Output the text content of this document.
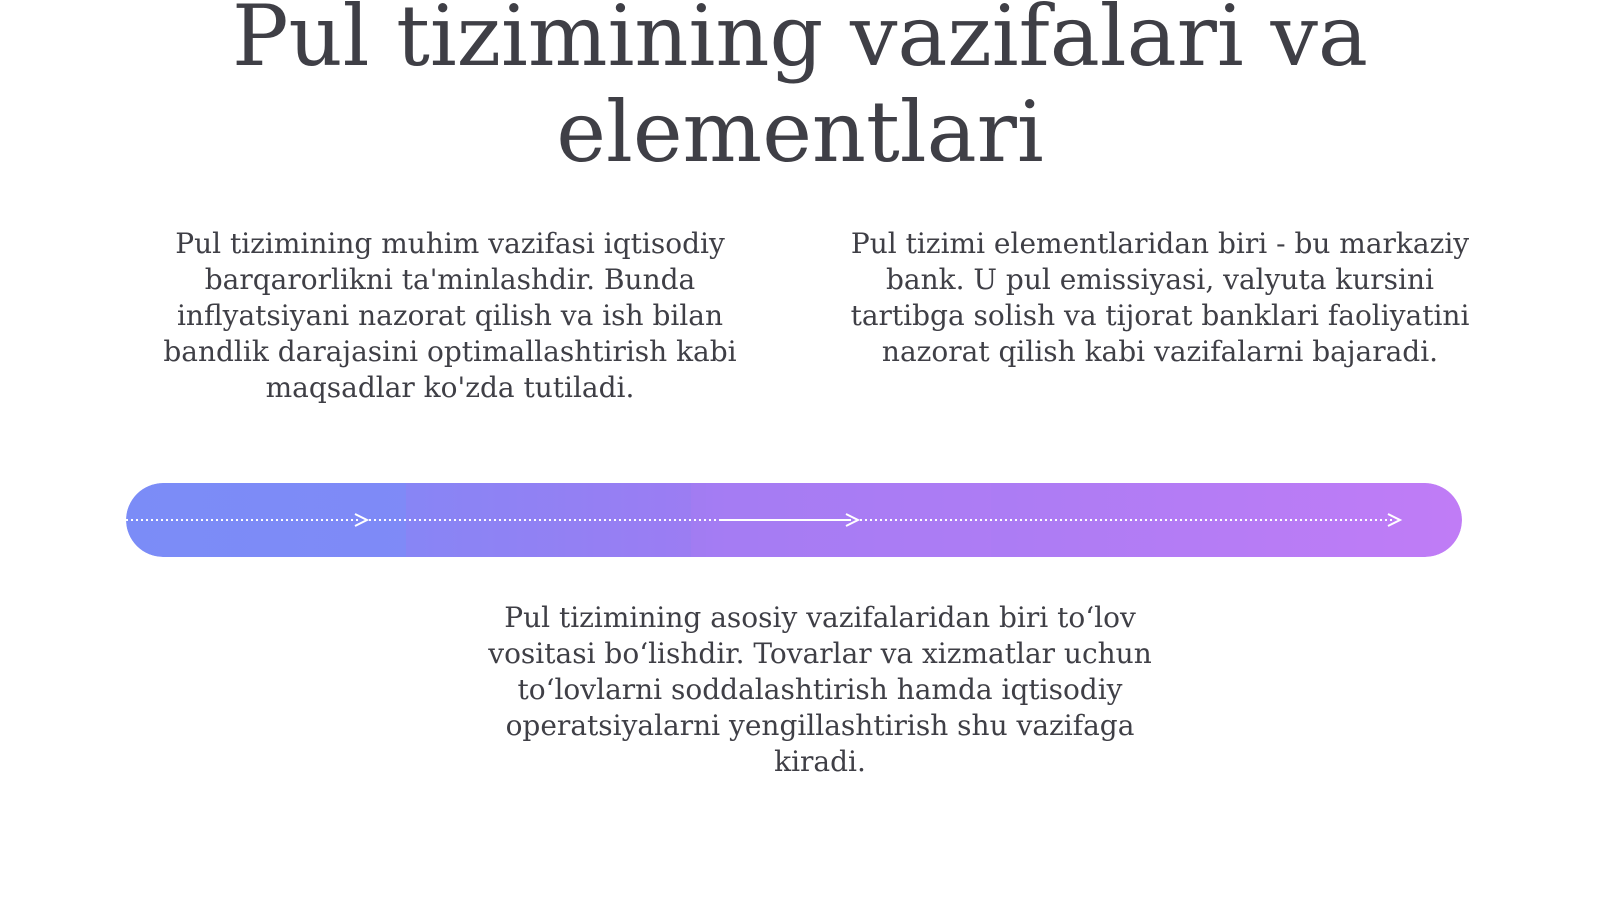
Pul tizimining vazifalari va elementlari

Pul tizimining muhim vazifasi iqtisodiy barqarorlikni ta'minlashdir. Bunda inflyatsiyani nazorat qilish va ish bilan bandlik darajasini optimallashtirish kabi maqsadlar ko'zda tutiladi.

Pul tizimi elementlaridan biri - bu markaziy bank. U pul emissiyasi, valyuta kursini tartibga solish va tijorat banklari faoliyatini nazorat qilish kabi vazifalarni bajaradi.

Pul tizimining asosiy vazifalaridan biri to‘lov vositasi bo‘lishdir. Tovarlar va xizmatlar uchun to‘lovlarni soddalashtirish hamda iqtisodiy operatsiyalarni yengillashtirish shu vazifaga kiradi.
